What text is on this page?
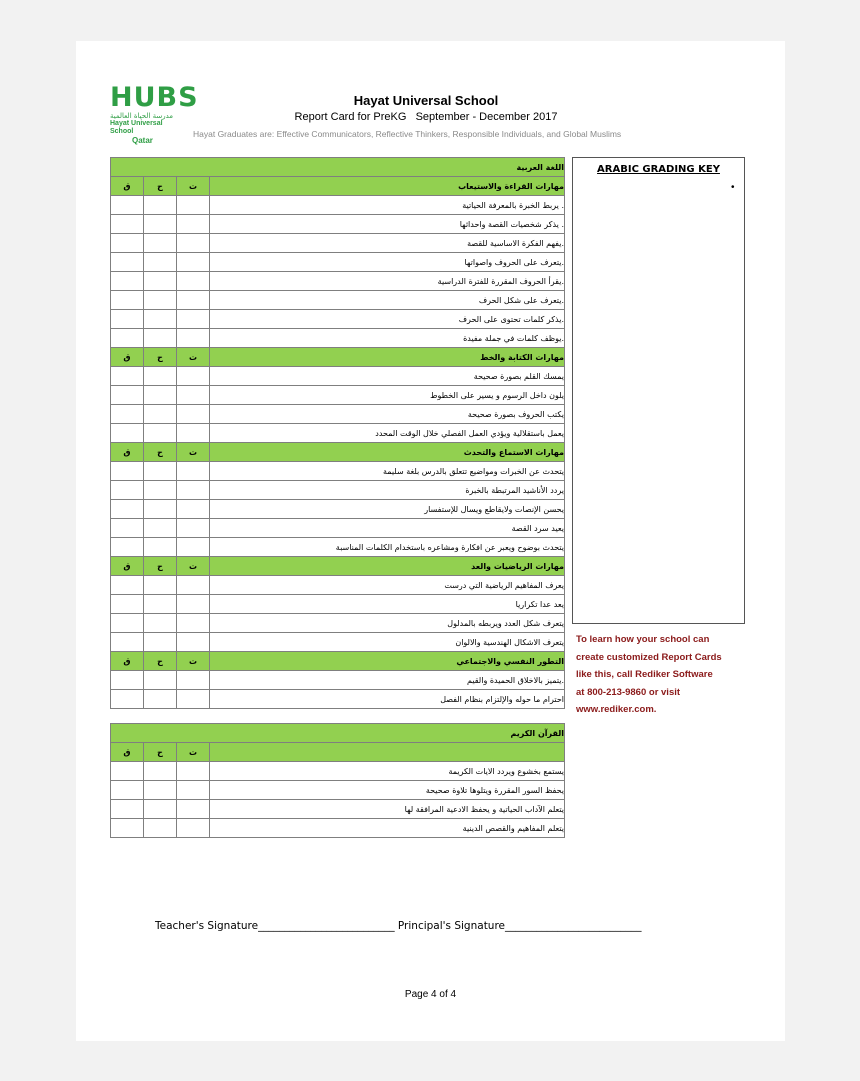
HUBS
مدرسة الحياة العالمية
Hayat Universal School
Qatar
Hayat Universal School
Report Card for PreKG   September - December 2017
Hayat Graduates are: Effective Communicators, Reflective Thinkers, Responsible Individuals, and Global Muslims
اللغة العربية			
ق	ح	ت	مهارات القراءة والاستيعاب
			. يربط الخبرة بالمعرفة الحياتية
			. يذكر شخصيات القصة واحداثها
			.يفهم الفكرة الاساسية للقصة
			.يتعرف على الحروف واصواتها
			.يقرأ الحروف المقررة للفترة الدراسية
			.يتعرف على شكل الحرف
			.يذكر كلمات تحتوى على الحرف
			.يوظف كلمات في جملة مفيدة
ق	ح	ت	مهارات الكتابة والخط
			يمسك القلم بصورة صحيحة
			يلون داخل الرسوم و يسير على الخطوط
			يكتب الحروف بصورة صحيحة
			يعمل باستقلالية ويؤدي العمل الفصلي خلال الوقت المحدد
ق	ح	ت	مهارات الاستماع والتحدث
			يتحدث عن الخبرات ومواضيع تتعلق بالدرس بلغة سليمة
			يردد الأناشيد المرتبطة بالخبرة
			يحسن الإنصات ولايقاطع ويسال للإستفسار
			يعيد سرد القصة
			يتحدث بوضوح ويعبر عن افكارة ومشاعره باستخدام الكلمات المناسبة
ق	ح	ت	مهارات الرياضيات والعد
			يعرف المفاهيم الرياضية التي درست
			يعد عدا تكراريا
			يتعرف شكل العدد ويربطه بالمدلول
			يتعرف الاشكال الهندسية والالوان
ق	ح	ت	التطور النفسي والاجتماعي
			.يتميز بالاخلاق الحميدة والقيم
			احترام ما حوله والإلتزام بنظام الفصل
القرآن الكريم			
ق	ح	ت	
			يستمع بخشوع ويردد الايات الكريمة
			يحفظ السور المقررة ويتلوها تلاوة صحيحة
			يتعلم الآداب الحياتية و يحفظ الادعية المرافقة لها
			يتعلم المفاهيم والقصص الدينية
ARABIC GRADING KEY
•
To learn how your school can
create customized Report Cards
like this, call Rediker Software
at 800-213-9860 or visit
www.rediker.com.
Teacher's Signature__________________________ Principal's Signature__________________________
Page 4 of 4
